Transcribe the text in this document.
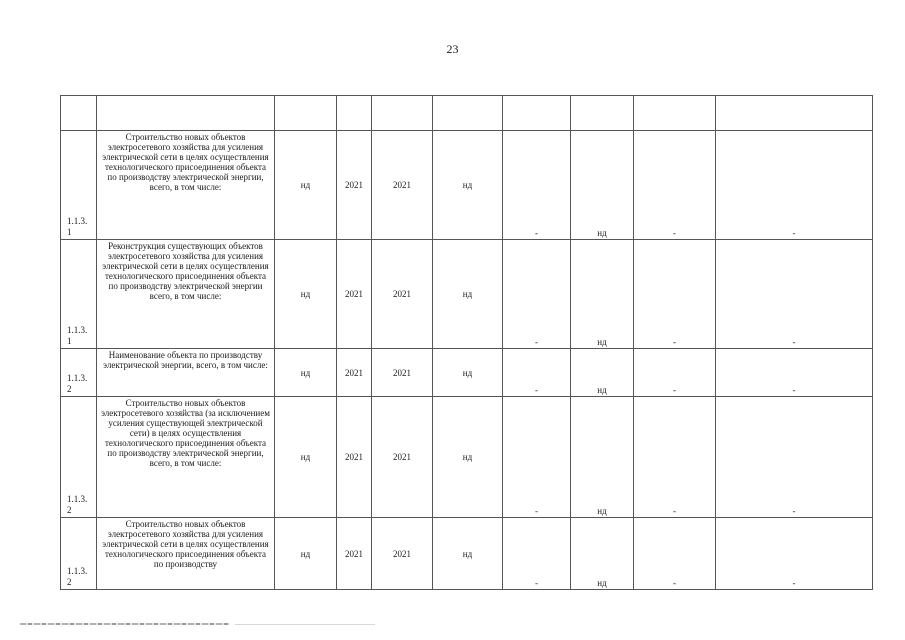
23

1.1.3.
1	Строительство новых объектов электросетевого хозяйства для усиления электрической сети в целях осуществления технологического присоединения объекта по производству электрической энергии, всего, в том числе:	нд	2021	2021	нд	-	нд	-	-

1.1.3.
1	Реконструкция существующих объектов электросетевого хозяйства для усиления электрической сети в целях осуществления технологического присоединения объекта по производству электрической энергии всего, в том числе:	нд	2021	2021	нд	-	нд	-	-

1.1.3.
2	Наименование объекта по производству электрической энергии, всего, в том числе:	нд	2021	2021	нд	-	нд	-	-

1.1.3.
2	Строительство новых объектов электросетевого хозяйства (за исключением усиления существующей электрической сети) в целях осуществления технологического присоединения объекта по производству электрической энергии, всего, в том числе:	нд	2021	2021	нд	-	нд	-	-

1.1.3.
2	Строительство новых объектов электросетевого хозяйства для усиления электрической сети в целях осуществления технологического присоединения объекта по производству	нд	2021	2021	нд	-	нд	-	-
